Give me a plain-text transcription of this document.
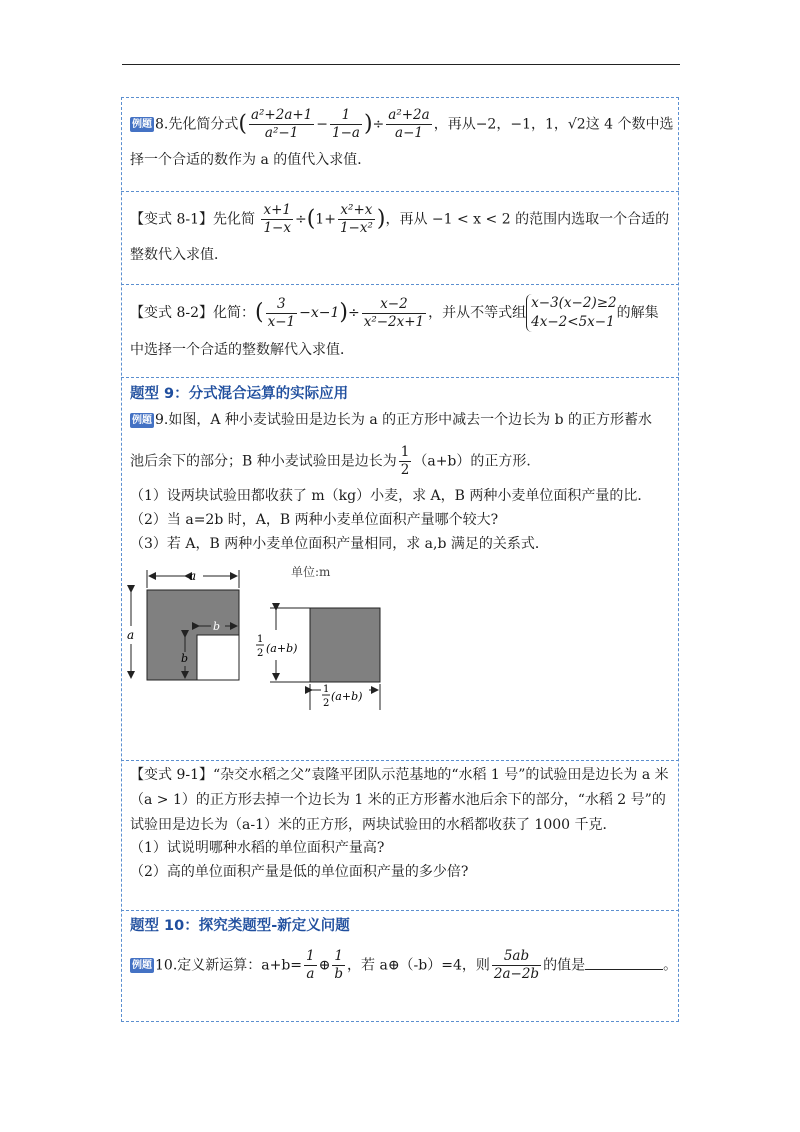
例题 8.先化简分式( $\frac{\text{a²+2a+1}}{\text{a²−1}} - \frac{1}{1-a}$ )÷ $\frac{\text{a²+2a}}{a-1}$ ，再从−2，−1，1，√2这 4 个数中选
择一个合适的数作为 a 的值代入求值．
【变式 8-1】先化简 $\frac{x+1}{1-x} \div(1+ \frac{\text{x²+x}}{\text{1−x²}}$ )，再从 −1 < x < 2 的范围内选取一个合适的
整数代入求值．
【变式 8-2】化简：( $\frac{3}{x-1} -x-1)\div \frac{x-2}{\text{x²−2x+1}}$ ，并从不等式组
x−3(x−2)≥2
4x−2<5x−1
的解集
中选择一个合适的整数解代入求值．
题型 9：分式混合运算的实际应用
例题 9.如图，A 种小麦试验田是边长为 a 的正方形中减去一个边长为 b 的正方形蓄水
池后余下的部分；B 种小麦试验田是边长为 $\frac{1}{2} (a+b)$的正方形．
（1）设两块试验田都收获了 m（kg）小麦，求 A，B 两种小麦单位面积产量的比．
（2）当 a=2b 时，A，B 两种小麦单位面积产量哪个较大?
（3）若 A，B 两种小麦单位面积产量相同，求 a,b 满足的关系式．
单位:m
a
a
b
b
1
2 (a+b)
1
2
(a+b)
【变式 9-1】“杂交水稻之父”袁隆平团队示范基地的“水稻 1 号”的试验田是边长为 a 米
（a > 1）的正方形去掉一个边长为 1 米的正方形蓄水池后余下的部分，“水稻 2 号”的
试验田是边长为（a-1）米的正方形，两块试验田的水稻都收获了 1000 千克．
（1）试说明哪种水稻的单位面积产量高?
（2）高的单位面积产量是低的单位面积产量的多少倍?
题型 10：探究类题型-新定义问题
例题 10.定义新运算：$a+b= \frac{1}{a}$ ⊕ $\frac{1}{b}$ ，若 a⊕（-b）=4，则 $\frac{5ab}{2a-2b}$ 的值是	。
